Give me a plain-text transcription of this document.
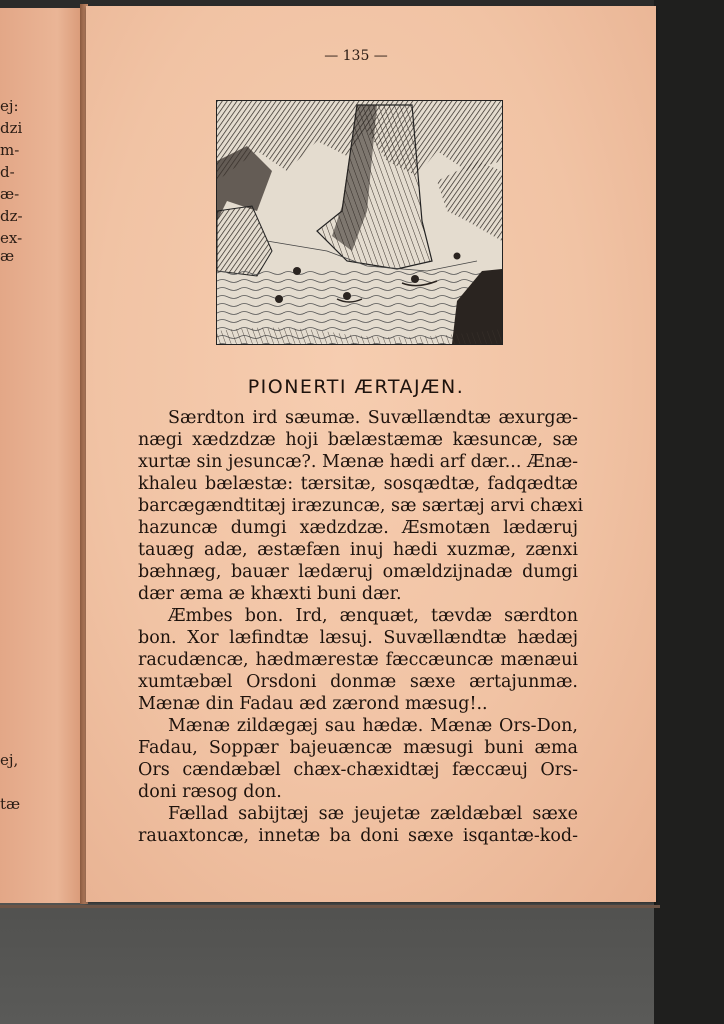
ej:
dzi
m-
d-
æ-
dz-
ex-
æ
ej,
tæ
— 135 —
PIONERTI ÆRTAJÆN.
Særdton ird sæumæ. Suvællændtæ æxurgæ-
nægi xædzdzæ hoji bælæstæmæ kæsuncæ, sæ
xurtæ sin jesuncæ?. Mænæ hædi arf dær... Ænæ-
khaleu bælæstæ: tærsitæ, sosqædtæ, fadqædtæ
barcægændtitæj iræzuncæ, sæ særtæj arvi chæxi
hazuncæ dumgi xædzdzæ. Æsmotæn lædæruj
tauæg adæ, æstæfæn inuj hædi xuzmæ, zænxi
bæhnæg, bauær lædæruj omældzijnadæ dumgi
dær æma æ khæxti buni dær.
Æmbes bon. Ird, ænquæt, tævdæ særdton
bon. Xor læfindtæ læsuj. Suvællændtæ hædæj
racudæncæ, hædmærestæ fæccæuncæ mænæui
xumtæbæl Orsdoni donmæ sæxe ærtajunmæ.
Mænæ din Fadau æd zærond mæsug!..
Mænæ zildægæj sau hædæ. Mænæ Ors-Don,
Fadau, Soppær bajeuæncæ mæsugi buni æma
Ors cændæbæl chæx-chæxidtæj fæccæuj Ors-
doni ræsog don.
Fællad sabijtæj sæ jeujetæ zældæbæl sæxe
rauaxtoncæ, innetæ ba doni sæxe isqantæ-kod-
